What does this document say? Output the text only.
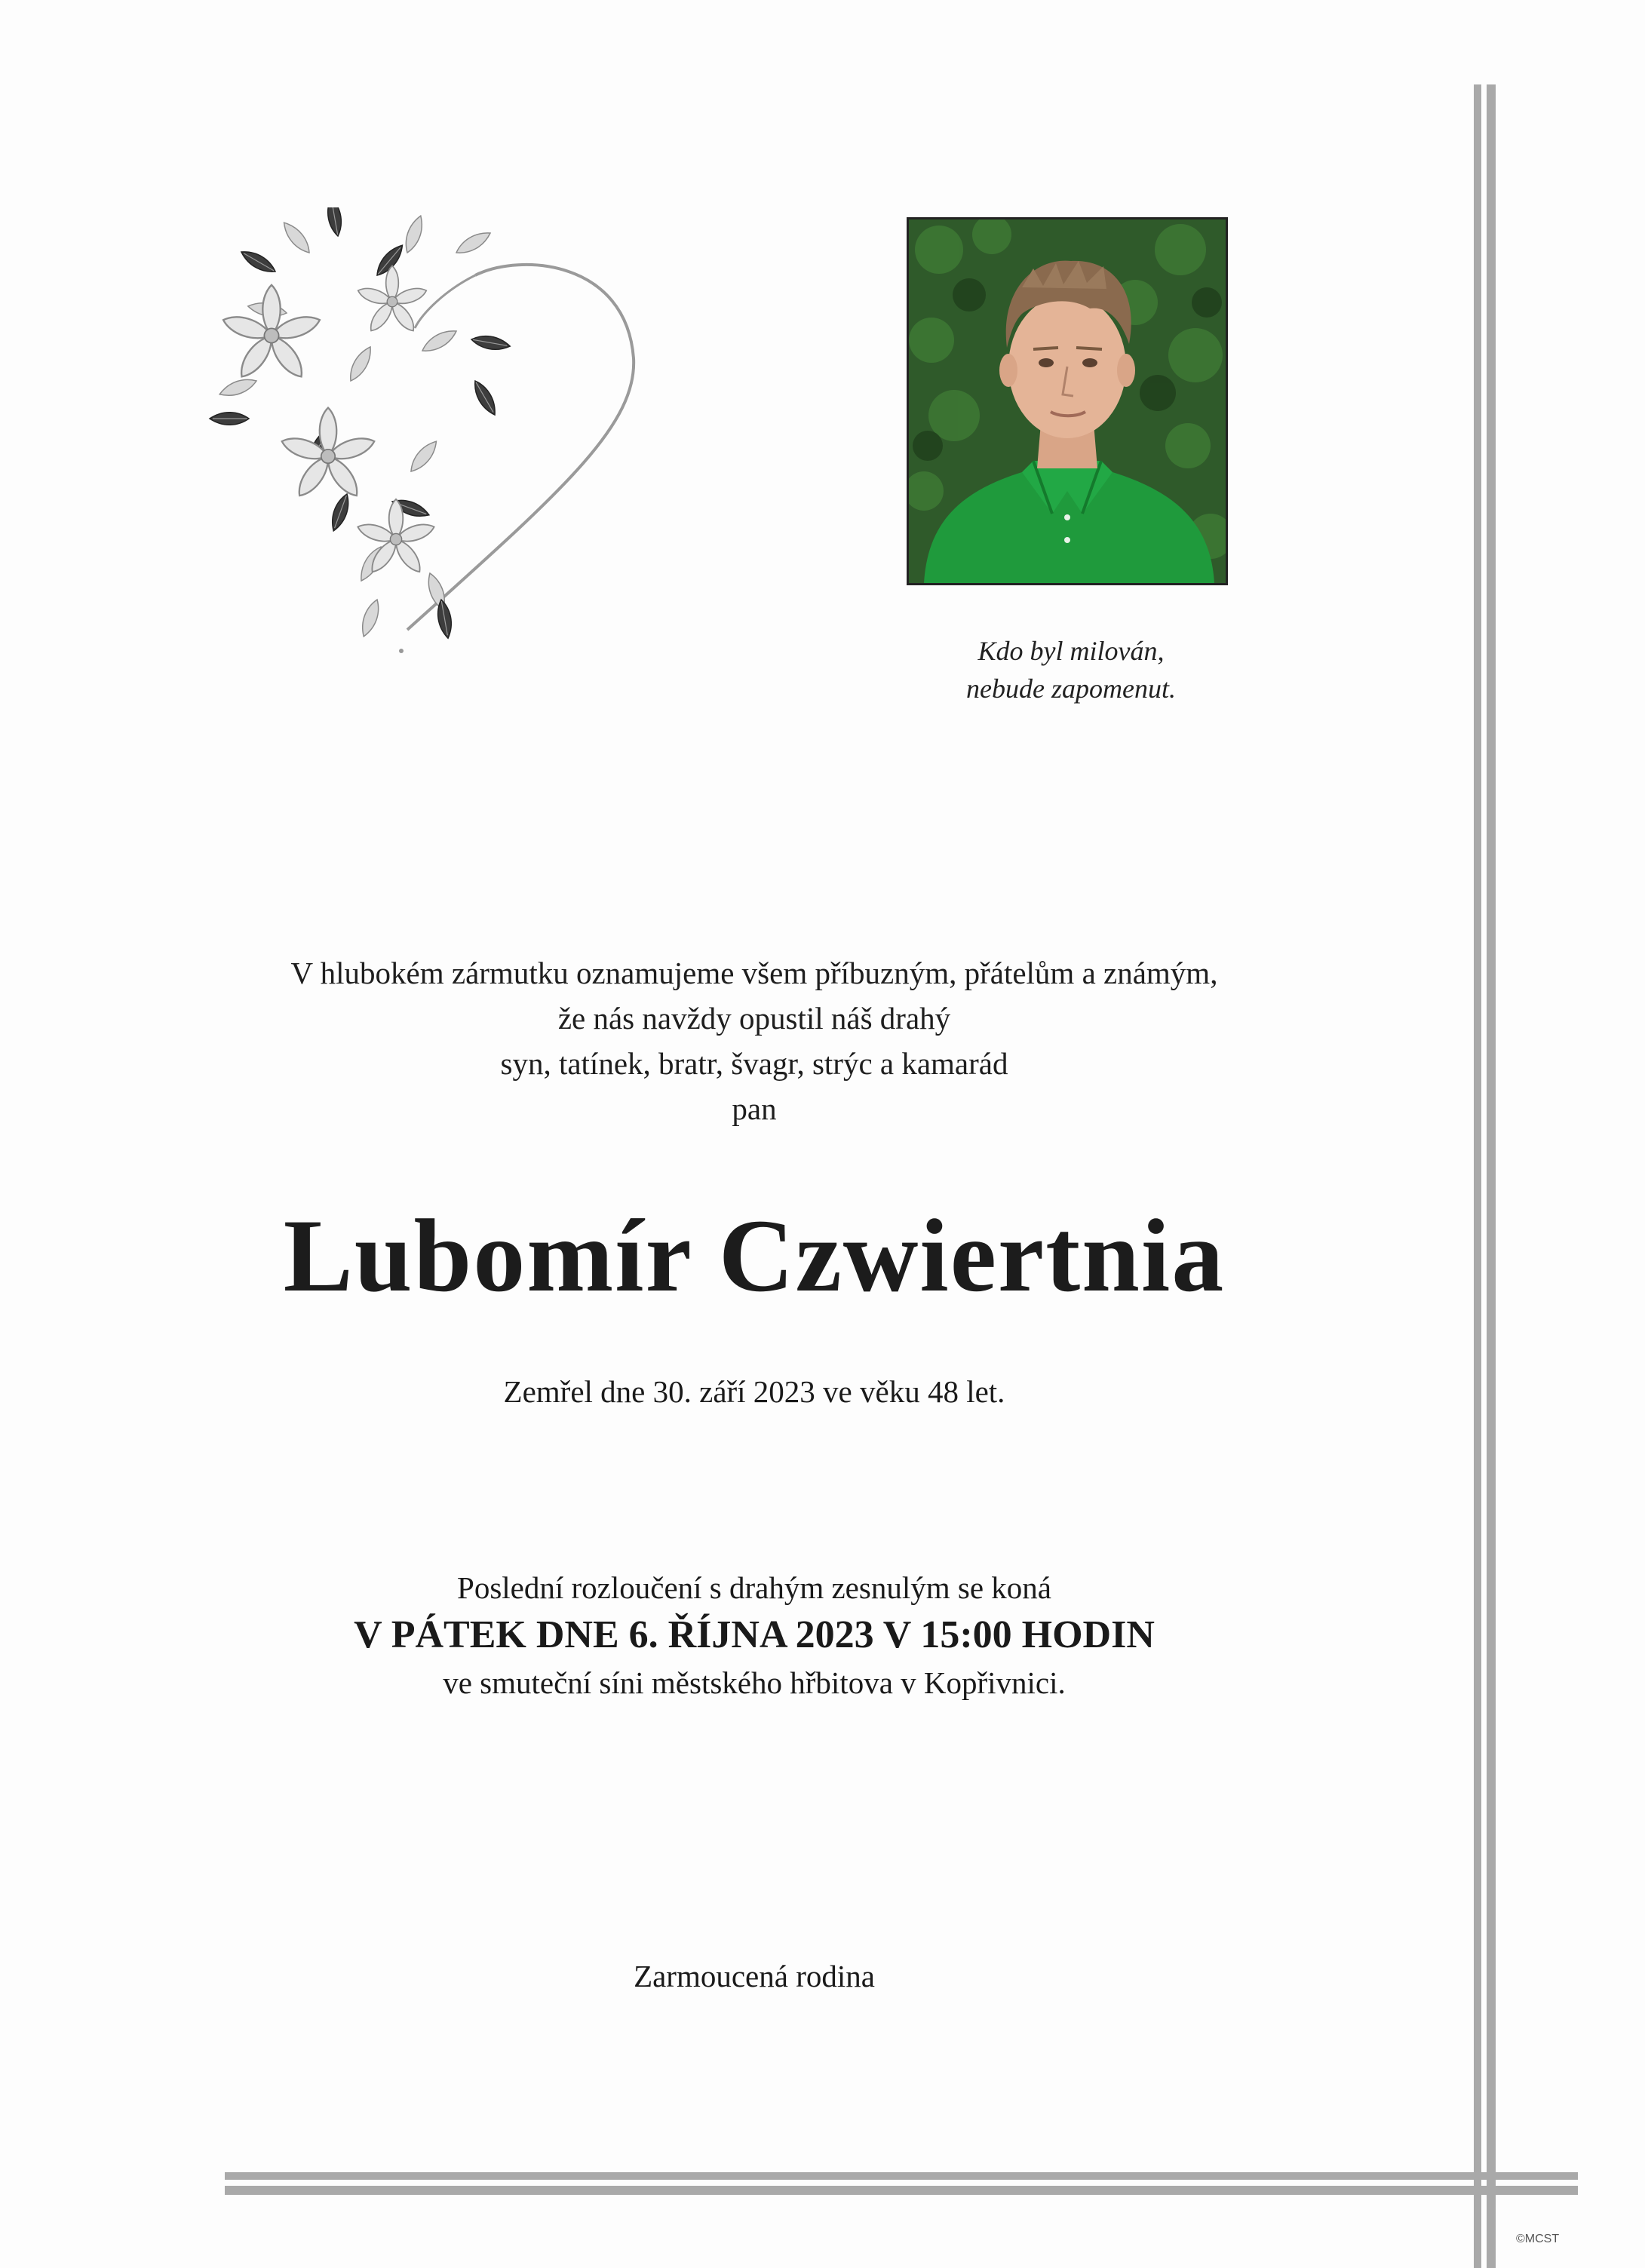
Kdo byl milován,
nebude zapomenut.
V hlubokém zármutku oznamujeme všem příbuzným, přátelům a známým,
že nás navždy opustil náš drahý
syn, tatínek, bratr, švagr, strýc a kamarád
pan
Lubomír Czwiertnia
Zemřel dne 30. září 2023 ve věku 48 let.
Poslední rozloučení s drahým zesnulým se koná
V PÁTEK DNE 6. ŘÍJNA 2023 V 15:00 HODIN
ve smuteční síni městského hřbitova v Kopřivnici.
Zarmoucená rodina
©MCST
